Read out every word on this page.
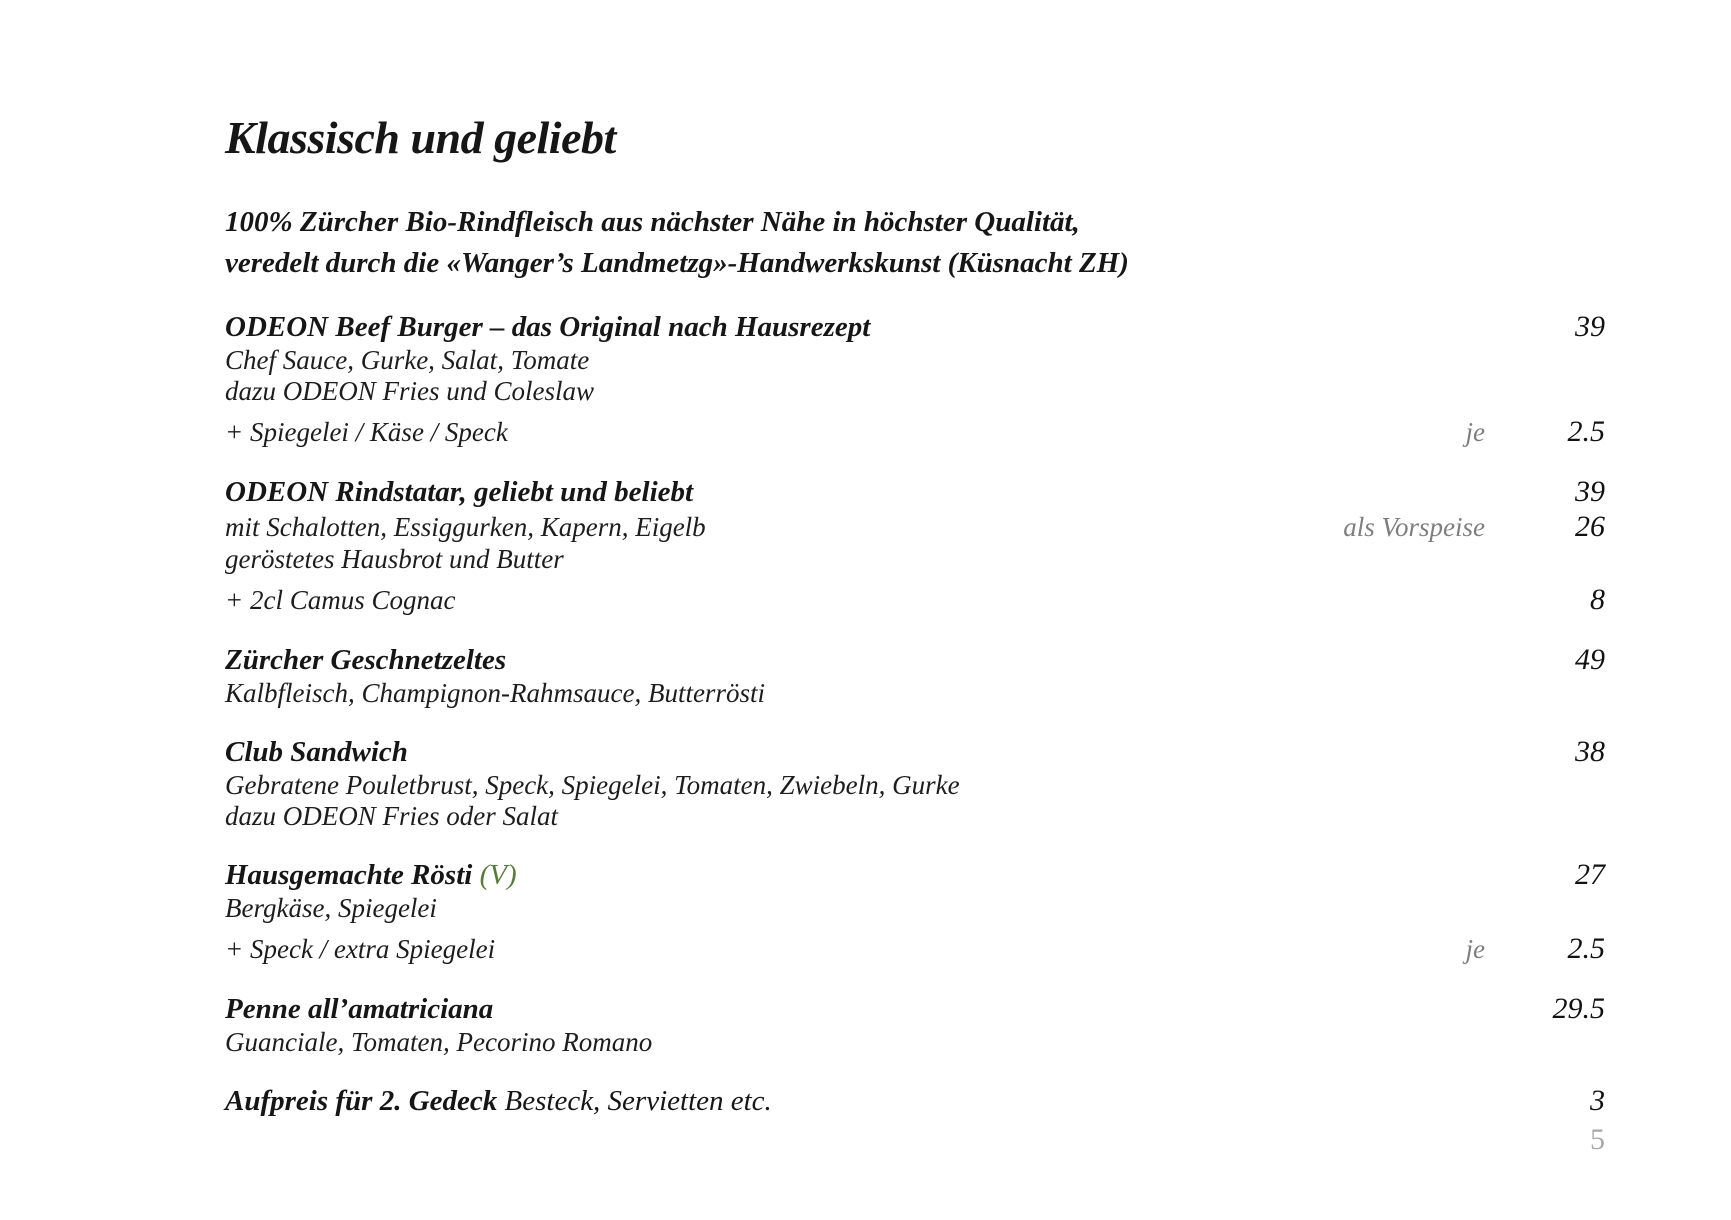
Klassisch und geliebt

100% Zürcher Bio-Rindfleisch aus nächster Nähe in höchster Qualität,
veredelt durch die «Wanger’s Landmetzg»-Handwerkskunst (Küsnacht ZH)

ODEON Beef Burger – das Original nach Hausrezept	39
Chef Sauce, Gurke, Salat, Tomate
dazu ODEON Fries und Coleslaw
+ Spiegelei / Käse / Speck	je	2.5
ODEON Rindstatar, geliebt und beliebt	39
mit Schalotten, Essiggurken, Kapern, Eigelb	als Vorspeise	26
geröstetes Hausbrot und Butter
+ 2cl Camus Cognac	8
Zürcher Geschnetzeltes	49
Kalbfleisch, Champignon-Rahmsauce, Butterrösti
Club Sandwich	38
Gebratene Pouletbrust, Speck, Spiegelei, Tomaten, Zwiebeln, Gurke
dazu ODEON Fries oder Salat
Hausgemachte Rösti (V)	27
Bergkäse, Spiegelei
+ Speck / extra Spiegelei	je	2.5
Penne all’amatriciana	29.5
Guanciale, Tomaten, Pecorino Romano
Aufpreis für 2. Gedeck Besteck, Servietten etc.	3
5
